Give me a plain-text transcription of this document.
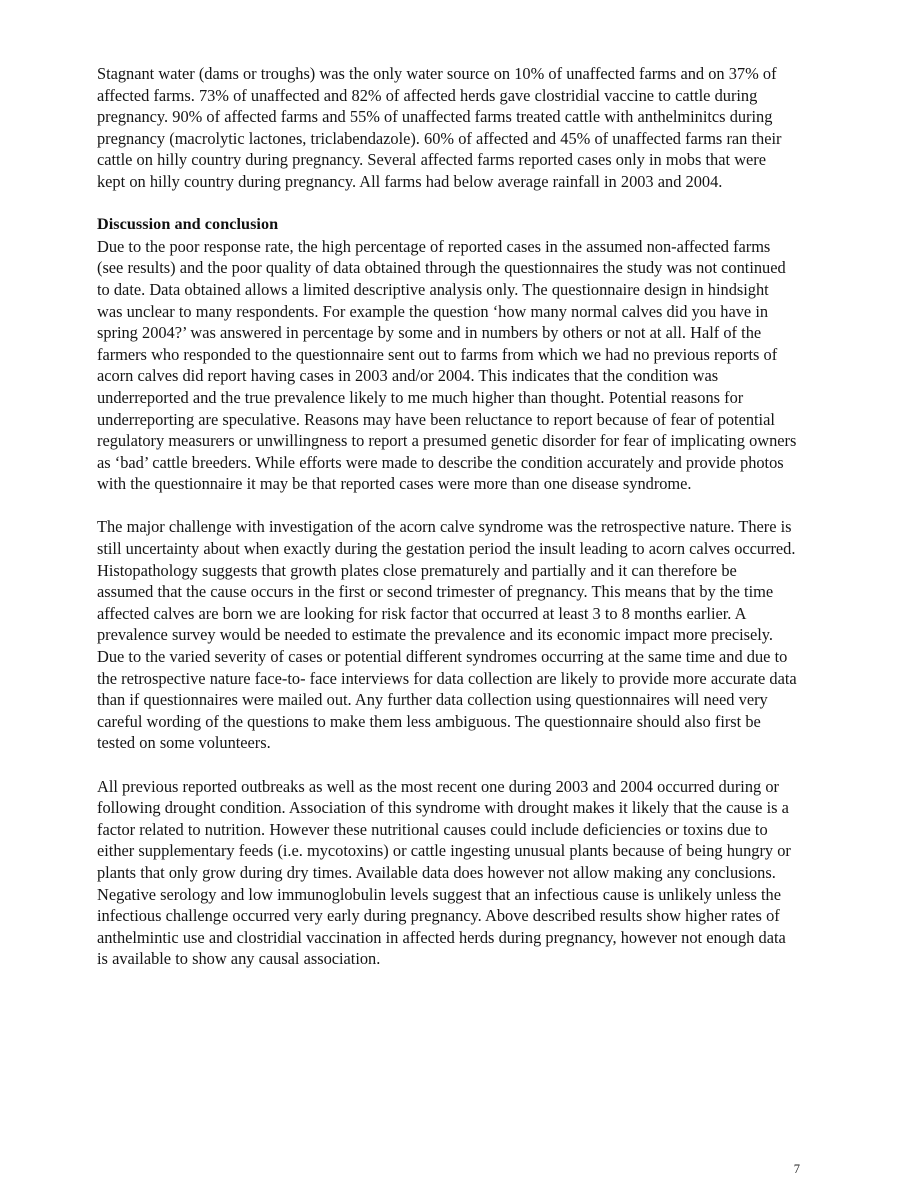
Stagnant water (dams or troughs) was the only water source on 10% of unaffected farms and on 37% of affected farms. 73% of unaffected and 82% of affected herds gave clostridial vaccine to cattle during pregnancy. 90% of affected farms and 55% of unaffected farms treated cattle with anthelminitcs during pregnancy (macrolytic lactones, triclabendazole). 60% of affected and 45% of unaffected farms ran their cattle on hilly country during pregnancy. Several affected farms reported cases only in mobs that were kept on hilly country during pregnancy. All farms had below average rainfall in 2003 and 2004.
Discussion and conclusion
Due to the poor response rate, the high percentage of reported cases in the assumed non-affected farms (see results) and the poor quality of data obtained through the questionnaires the study was not continued to date. Data obtained allows a limited descriptive analysis only. The questionnaire design in hindsight was unclear to many respondents. For example the question ‘how many normal calves did you have in spring 2004?’ was answered in percentage by some and in numbers by others or not at all. Half of the farmers who responded to the questionnaire sent out to farms from which we had no previous reports of acorn calves did report having cases in 2003 and/or 2004. This indicates that the condition was underreported and the true prevalence likely to me much higher than thought. Potential reasons for underreporting are speculative. Reasons may have been reluctance to report because of fear of potential regulatory measurers or unwillingness to report a presumed genetic disorder for fear of implicating owners as ‘bad’ cattle breeders. While efforts were made to describe the condition accurately and provide photos with the questionnaire it may be that reported cases were more than one disease syndrome.
The major challenge with investigation of the acorn calve syndrome was the retrospective nature. There is still uncertainty about when exactly during the gestation period the insult leading to acorn calves occurred. Histopathology suggests that growth plates close prematurely and partially and it can therefore be assumed that the cause occurs in the first or second trimester of pregnancy. This means that by the time affected calves are born we are looking for risk factor that occurred at least 3 to 8 months earlier. A prevalence survey would be needed to estimate the prevalence and its economic impact more precisely. Due to the varied severity of cases or potential different syndromes occurring at the same time and due to the retrospective nature face-to- face interviews for data collection are likely to provide more accurate data than if questionnaires were mailed out. Any further data collection using questionnaires will need very careful wording of the questions to make them less ambiguous. The questionnaire should also first be tested on some volunteers.
All previous reported outbreaks as well as the most recent one during 2003 and 2004 occurred during or following drought condition. Association of this syndrome with drought makes it likely that the cause is a factor related to nutrition. However these nutritional causes could include deficiencies or toxins due to either supplementary feeds (i.e. mycotoxins) or cattle ingesting unusual plants because of being hungry or plants that only grow during dry times. Available data does however not allow making any conclusions. Negative serology and low immunoglobulin levels suggest that an infectious cause is unlikely unless the infectious challenge occurred very early during pregnancy. Above described results show higher rates of anthelmintic use and clostridial vaccination in affected herds during pregnancy, however not enough data is available to show any causal association.
7
